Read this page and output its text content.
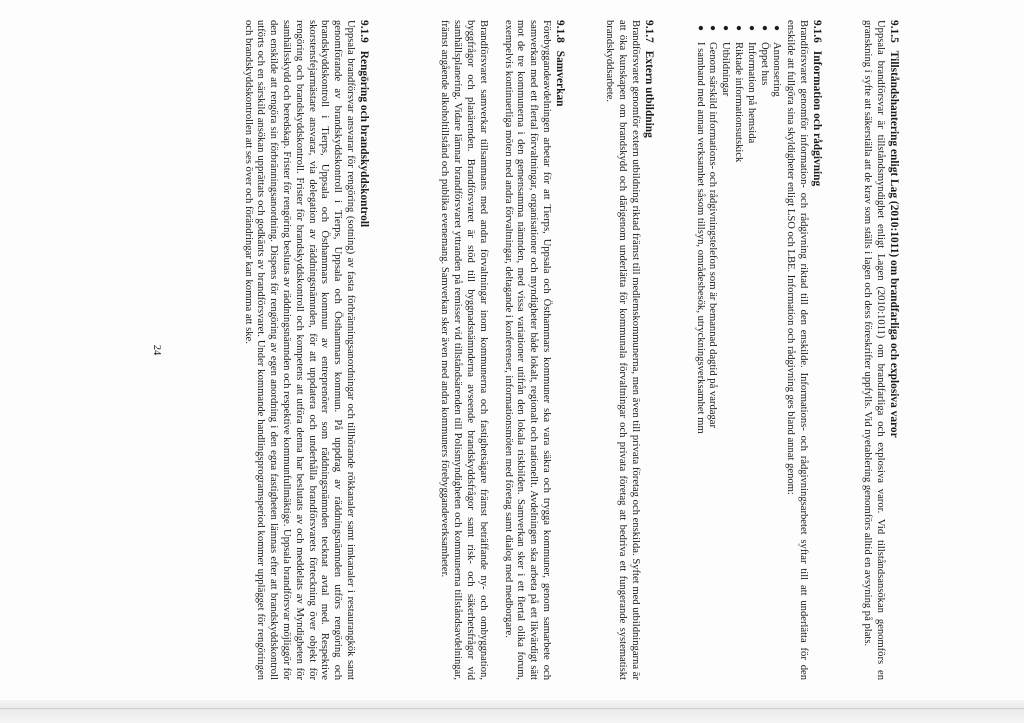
9.1.5Tillståndshantering enligt Lag (2010:1011) om brandfarliga och explosiva varor

Uppsala brandförsvar är tillståndsmyndighet enligt Lagen (2010:1011) om brandfarliga och explosiva varor. Vid tillståndsansökan genomförs en granskning i syfte att säkerställa att de krav som ställs i lagen och dess föreskrifter uppfylls. Vid nyetablering genomförs alltid en avsyning på plats.

9.1.6Information och rådgivning

Brandförsvaret genomför information- och rådgivning riktad till den enskilde. Informations- och rådgivningsarbetet syftar till att underlätta för den enskilde att fullgöra sina skyldigheter enligt LSO och LBE. Information och rådgivning ges bland annat genom:

●
Annonsering
●
Öppet hus
●
Information på hemsida
●
Riktade informationsutskick
●
Utbildningar
●
Genom särskild informations- och rådgivningstelefon som är bemannad dagtid på vardagar
●
I samband med annan verksamhet såsom tillsyn, områdesbesök, utryckningsverksamhet mm
9.1.7Extern utbildning

Brandförsvaret genomför extern utbildning riktad främst till medlemskommunerna, men även till privata företag och enskilda. Syftet med utbildningarna är att öka kunskapen om brandskydd och därigenom underlätta för kommunala förvaltningar och privata företag att bedriva ett fungerande systematiskt brandskyddsarbete.

9.1.8Samverkan

Förebyggandeavdelningen arbetar för att Tierps, Uppsala och Östhammars kommuner ska vara säkra och trygga kommuner, genom samarbete och samverkan med ett flertal förvaltningar, organisationer och myndigheter både lokalt, regionalt och nationellt. Avdelningen ska arbeta på ett likvärdigt sätt mot de tre kommunerna i den gemensamma nämnden, med vissa variationer utifrån den lokala riskbilden. Samverkan sker i ett flertal olika forum, exempelvis kontinuerliga möten med andra förvaltningar, deltagande i konferenser, informationsmöten med företag samt dialog med medborgare.

Brandförsvaret samverkar tillsammans med andra förvaltningar inom kommunerna och fastighetsägare främst beträffande ny- och ombyggnation, byggfrågor och planärenden. Brandförsvaret är stöd till byggnadsnämnderna avseende brandskyddsfrågor samt risk- och säkerhetsfrågor vid samhällsplanering. Vidare lämnar brandförsvaret yttranden på remisser vid tillståndsärenden till Polismyndigheten och kommunerna tillståndsavdelningar, främst angående alkoholtillstånd och publika evenemang. Samverkan sker även med andra kommuners förebyggandeverksamheter.

9.1.9Rengöring och brandskyddskontroll

Uppsala brandförsvar ansvarar för rengöring (sotning) av fasta förbränningsanordningar och tillhörande rökkanaler samt imkanaler i restaurangkök samt genomförande av brandskyddskontroll i Tierps, Uppsala och Östhammars kommun. På uppdrag av räddningsnämnden utförs rengöring och brandskyddskontroll i Tierps, Uppsala och Östhammars kommun av entreprenörer som räddningsnämnden tecknat avtal med. Respektive skorstensfejarmästare ansvarar, via delegation av räddningsnämnden, för att uppdatera och underhålla brandförsvarets förteckning över objekt för rengöring och brandskyddskontroll. Frister för brandskyddskontroll och kompetens att utföra denna har beslutats av och meddelats av Myndigheten för samhällsskydd och beredskap. Frister för rengöring beslutas av räddningsnämnden och respektive kommunfullmäktige. Uppsala brandförsvar möjliggör för den enskilde att rengöra sin förbränningsanordning. Dispens för rengöring av egen anordning i den egna fastigheten lämnas efter att brandskyddskontroll utförts och en särskild ansökan upprättats och godkänts av brandförsvaret. Under kommande handlingsprogramsperiod kommer upplägget för rengöringen och brandskyddskontrollen att ses över och förändringar kan komma att ske.

24
